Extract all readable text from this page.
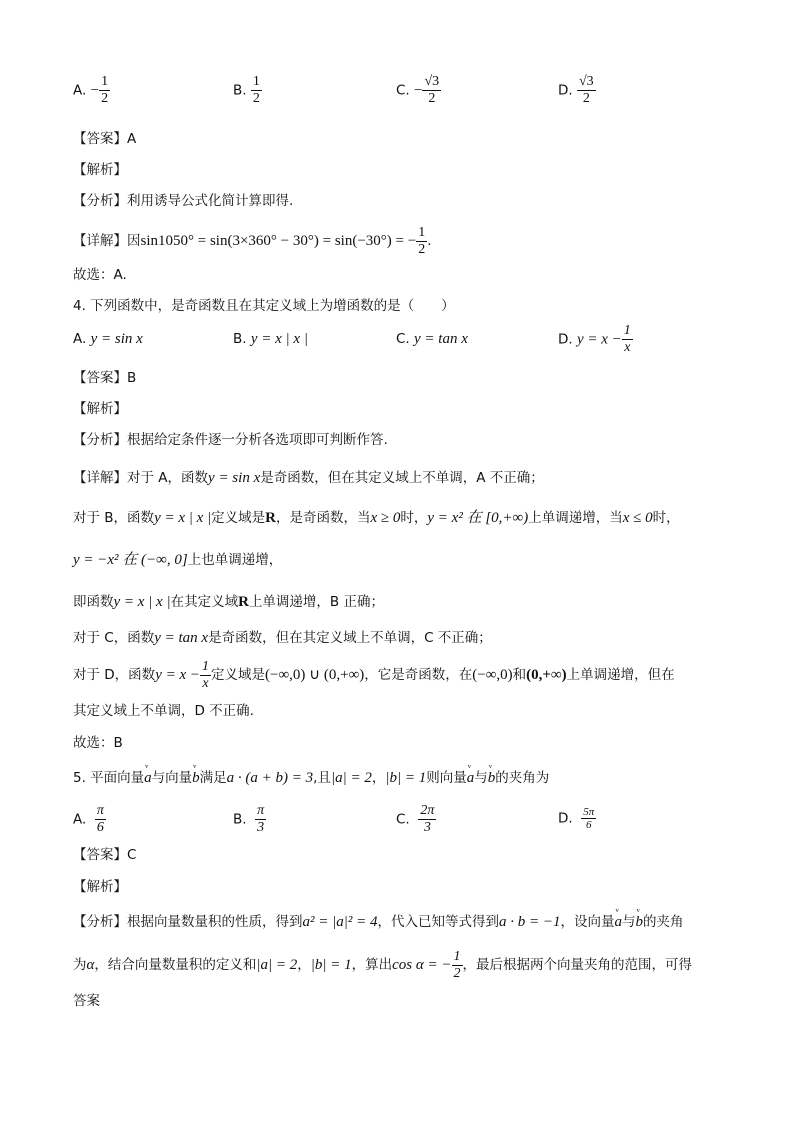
A. − $\frac{1}{2}$	B. $\frac{1}{2}$	C. − $\frac{√3}{2}$	D. $\frac{√3}{2}$
【答案】A
【解析】
【分析】利用诱导公式化简计算即得.
【详解】因sin1050° = sin(3×360° − 30°) = sin(−30°) = − $\frac{1}{2}$ .
故选：A.
4. 下列函数中，是奇函数且在其定义域上为增函数的是（　　）
A. y = sin x	B. y = x | x |	C. y = tan x	D. $y = x - \frac{1}{x}$
【答案】B
【解析】
【分析】根据给定条件逐一分析各选项即可判断作答.
【详解】对于 A，函数y = sin x是奇函数，但在其定义域上不单调，A 不正确；
对于 B，函数y = x | x |定义域是R，是奇函数，当x ≥ 0时，y = x² 在 [0,+∞)上单调递增，当x ≤ 0时，
y = −x² 在 (−∞, 0]上也单调递增，
即函数y = x | x |在其定义域R上单调递增，B 正确；
对于 C，函数y = tan x是奇函数，但在其定义域上不单调，C 不正确；
对于 D，函数$y = x - \frac{1}{x}$ 定义域是(−∞,0) ∪ (0,+∞)，它是奇函数，在(−∞,0)和(0,+∞)上单调递增，但在
其定义域上不单调，D 不正确.
故选：B
5. 平面向量ᵛ a与向量ᵛ b满足a · (a + b) = 3,且|a| = 2，|b| = 1则向量ᵛ a与ᵛ b的夹角为
A. $\frac{\pi}{6}$	B. $\frac{\pi}{3}$	C. $\frac{2\pi}{3}$	D. $\frac{5\pi}{6}$
【答案】C
【解析】
【分析】根据向量数量积的性质，得到a² = |a|² = 4，代入已知等式得到a · b = −1，设向量ᵛ a与ᵛ b的夹角
为α，结合向量数量积的定义和|a| = 2，|b| = 1，算出cos α = − $\frac{1}{2}$ ，最后根据两个向量夹角的范围，可得
答案
